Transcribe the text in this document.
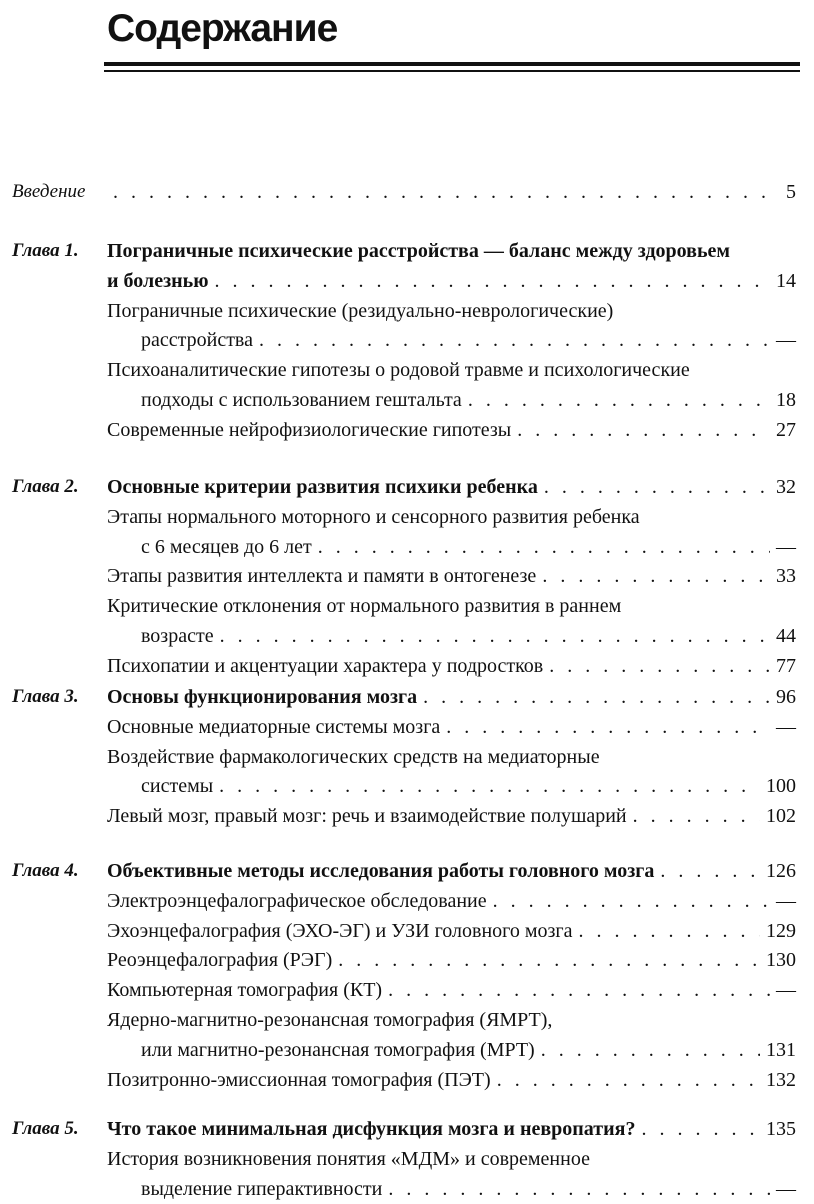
Содержание
Введение . . .	5
Глава 1. Пограничные психические расстройства — баланс между здоровьем
и болезнью . . .	14
Пограничные психические (резидуально-неврологические)
расстройства . . .	—
Психоаналитические гипотезы о родовой травме и психологические
подходы с использованием гештальта . . .	18
Современные нейрофизиологические гипотезы . . .	27
Глава 2. Основные критерии развития психики ребенка . . .	32
Этапы нормального моторного и сенсорного развития ребенка
с 6 месяцев до 6 лет . . .	—
Этапы развития интеллекта и памяти в онтогенезе . . .	33
Критические отклонения от нормального развития в раннем
возрасте . . .	44
Психопатии и акцентуации характера у подростков . . .	77
Глава 3. Основы функционирования мозга . . .	96
Основные медиаторные системы мозга . . .	—
Воздействие фармакологических средств на медиаторные
системы . . .	100
Левый мозг, правый мозг: речь и взаимодействие полушарий . . .	102
Глава 4. Объективные методы исследования работы головного мозга . . .	126
Электроэнцефалографическое обследование . . .	—
Эхоэнцефалография (ЭХО-ЭГ) и УЗИ головного мозга . . .	129
Реоэнцефалография (РЭГ) . . .	130
Компьютерная томография (КТ) . . .	—
Ядерно-магнитно-резонансная томография (ЯМРТ),
или магнитно-резонансная томография (МРТ) . . .	131
Позитронно-эмиссионная томография (ПЭТ) . . .	132
Глава 5. Что такое минимальная дисфункция мозга и невропатия? . . .	135
История возникновения понятия «МДМ» и современное
выделение гиперактивности . . .	—
